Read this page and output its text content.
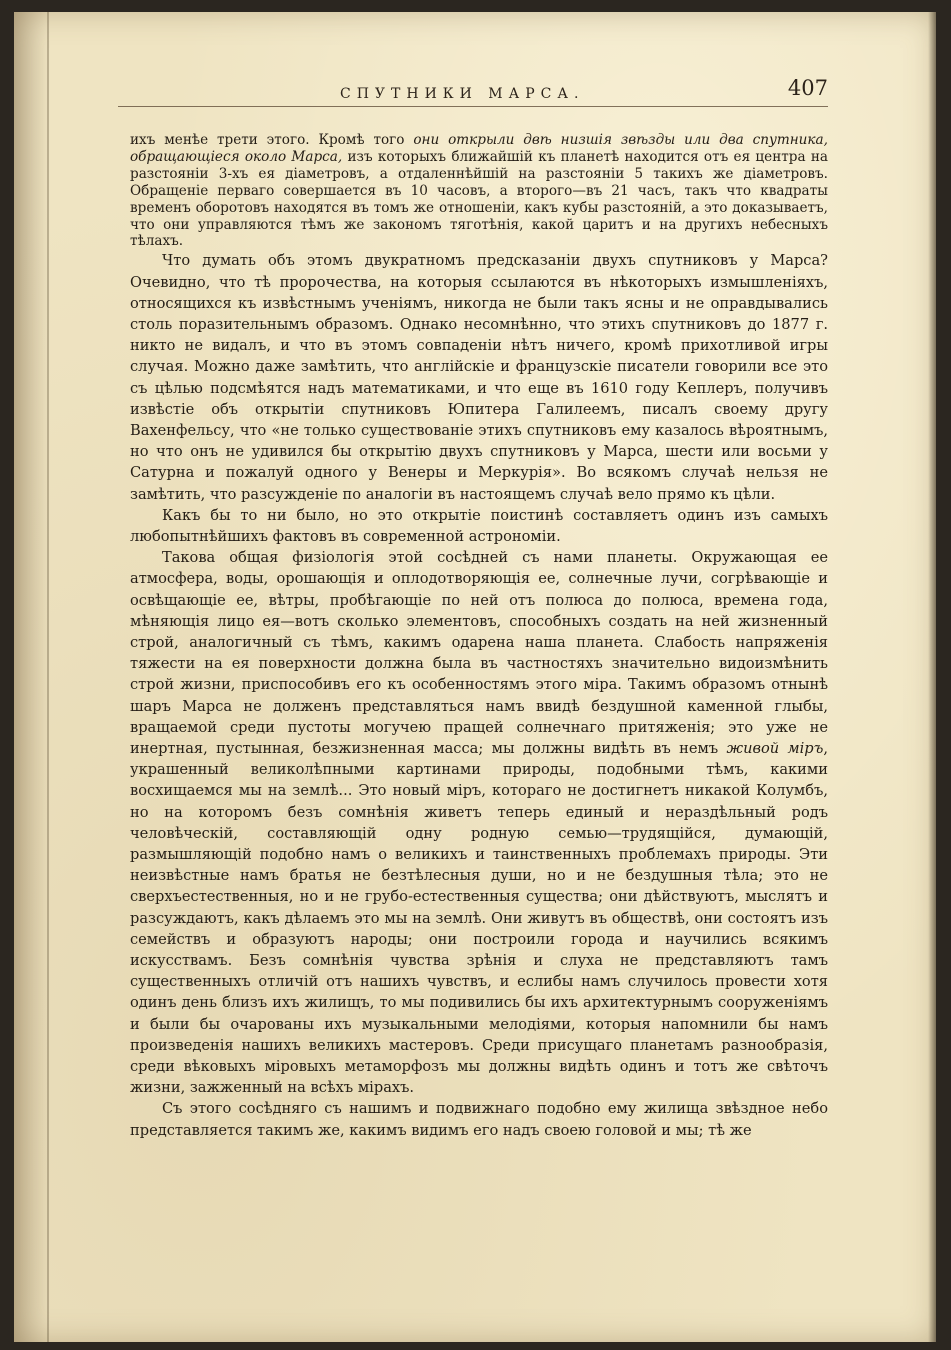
СПУТНИКИ МАРСА.	407

ихъ менѣе трети этого. Кромѣ того они открыли двѣ низшія звѣзды или два спутника, обращающіеся около Марса, изъ которыхъ ближайшій къ планетѣ находится отъ ея центра на разстояніи 3-хъ ея діаметровъ, а отдаленнѣйшій на разстояніи 5 такихъ же діаметровъ. Обращеніе перваго совершается въ 10 часовъ, а второго—въ 21 часъ, такъ что квадраты временъ оборотовъ находятся въ томъ же отношеніи, какъ кубы разстояній, а это доказываетъ, что они управляются тѣмъ же закономъ тяготѣнія, какой царитъ и на другихъ небесныхъ тѣлахъ.

Что думать объ этомъ двукратномъ предсказаніи двухъ спутниковъ у Марса? Очевидно, что тѣ пророчества, на которыя ссылаются въ нѣкоторыхъ измышленіяхъ, относящихся къ извѣстнымъ ученіямъ, никогда не были такъ ясны и не оправдывались столь поразительнымъ образомъ. Однако несомнѣнно, что этихъ спутниковъ до 1877 г. никто не видалъ, и что въ этомъ совпаденіи нѣтъ ничего, кромѣ прихотливой игры случая. Можно даже замѣтить, что англійскіе и французскіе писатели говорили все это съ цѣлью подсмѣятся надъ математиками, и что еще въ 1610 году Кеплеръ, получивъ извѣстіе объ открытіи спутниковъ Юпитера Галилеемъ, писалъ своему другу Вахенфельсу, что «не только существованіе этихъ спутниковъ ему казалось вѣроятнымъ, но что онъ не удивился бы открытію двухъ спутниковъ у Марса, шести или восьми у Сатурна и пожалуй одного у Венеры и Меркурія». Во всякомъ случаѣ нельзя не замѣтить, что разсужденіе по аналогіи въ настоящемъ случаѣ вело прямо къ цѣли.

Какъ бы то ни было, но это открытіе поистинѣ составляетъ одинъ изъ самыхъ любопытнѣйшихъ фактовъ въ современной астрономіи.

Такова общая физіологія этой сосѣдней съ нами планеты. Окружающая ее атмосфера, воды, орошающія и оплодотворяющія ее, солнечные лучи, согрѣвающіе и освѣщающіе ее, вѣтры, пробѣгающіе по ней отъ полюса до полюса, времена года, мѣняющія лицо ея—вотъ сколько элементовъ, способныхъ создать на ней жизненный строй, аналогичный съ тѣмъ, какимъ одарена наша планета. Слабость напряженія тяжести на ея поверхности должна была въ частностяхъ значительно видоизмѣнить строй жизни, приспособивъ его къ особенностямъ этого міра. Такимъ образомъ отнынѣ шаръ Марса не долженъ представляться намъ ввидѣ бездушной каменной глыбы, вращаемой среди пустоты могучею пращей солнечнаго притяженія; это уже не инертная, пустынная, безжизненная масса; мы должны видѣть въ немъ живой міръ, украшенный великолѣпными картинами природы, подобными тѣмъ, какими восхищаемся мы на землѣ... Это новый міръ, котораго не достигнетъ никакой Колумбъ, но на которомъ безъ сомнѣнія живетъ теперь единый и нераздѣльный родъ человѣческій, составляющій одну родную семью—трудящійся, думающій, размышляющій подобно намъ о великихъ и таинственныхъ проблемахъ природы. Эти неизвѣстные намъ братья не безтѣлесныя души, но и не бездушныя тѣла; это не сверхъестественныя, но и не грубо-естественныя существа; они дѣйствуютъ, мыслятъ и разсуждаютъ, какъ дѣлаемъ это мы на землѣ. Они живутъ въ обществѣ, они состоятъ изъ семействъ и образуютъ народы; они построили города и научились всякимъ искусствамъ. Безъ сомнѣнія чувства зрѣнія и слуха не представляютъ тамъ существенныхъ отличій отъ нашихъ чувствъ, и еслибы намъ случилось провести хотя одинъ день близъ ихъ жилищъ, то мы подивились бы ихъ архитектурнымъ сооруженіямъ и были бы очарованы ихъ музыкальными мелодіями, которыя напомнили бы намъ произведенія нашихъ великихъ мастеровъ. Среди присущаго планетамъ разнообразія, среди вѣковыхъ міровыхъ метаморфозъ мы должны видѣть одинъ и тотъ же свѣточъ жизни, зажженный на всѣхъ мірахъ.

Съ этого сосѣдняго съ нашимъ и подвижнаго подобно ему жилища звѣздное небо представляется такимъ же, какимъ видимъ его надъ своею головой и мы; тѣ же
